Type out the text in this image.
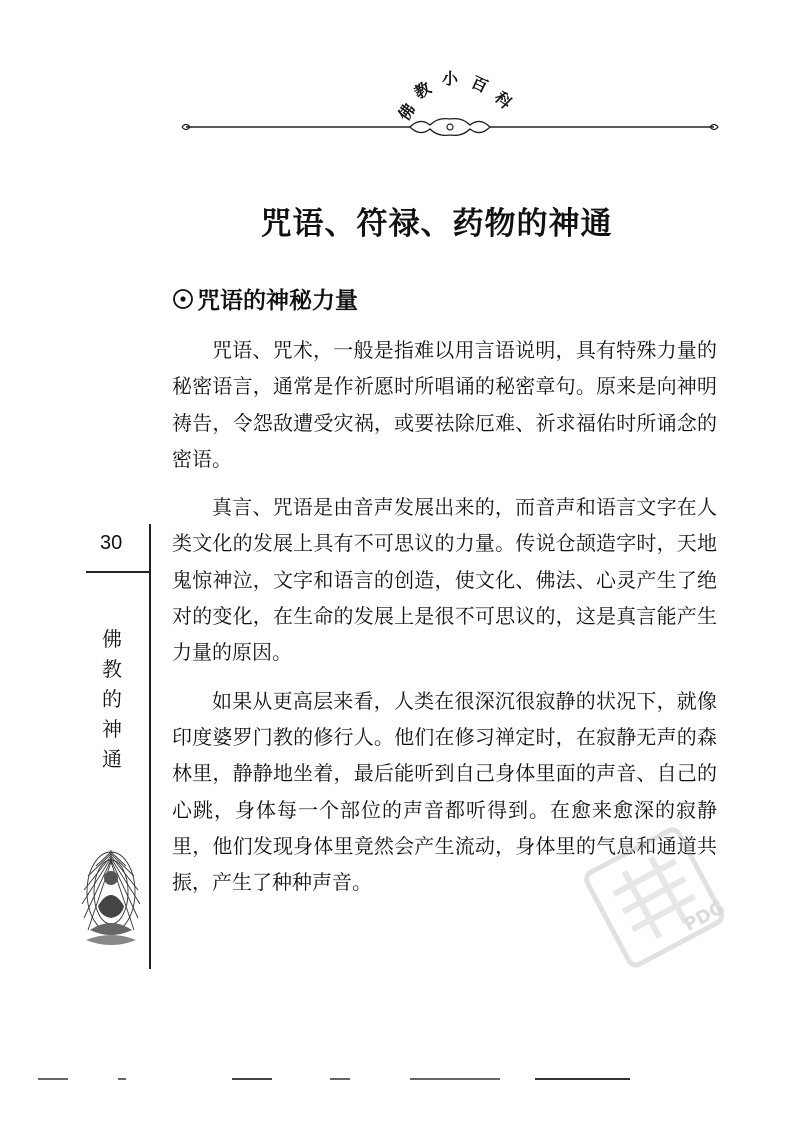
佛
教 小 百
科
咒语、符禄、药物的神通
咒语的神秘力量

咒语、咒术，一般是指难以用言语说明，具有特殊力量的秘密语言，通常是作祈愿时所唱诵的秘密章句。原来是向神明祷告，令怨敌遭受灾祸，或要祛除厄难、祈求福佑时所诵念的密语。

真言、咒语是由音声发展出来的，而音声和语言文字在人类文化的发展上具有不可思议的力量。传说仓颉造字时，天地鬼惊神泣，文字和语言的创造，使文化、佛法、心灵产生了绝对的变化，在生命的发展上是很不可思议的，这是真言能产生力量的原因。

如果从更高层来看，人类在很深沉很寂静的状况下，就像印度婆罗门教的修行人。他们在修习禅定时，在寂静无声的森林里，静静地坐着，最后能听到自己身体里面的声音、自己的心跳，身体每一个部位的声音都听得到。在愈来愈深的寂静里，他们发现身体里竟然会产生流动，身体里的气息和通道共振，产生了种种声音。

30
佛教的神通
PDG
